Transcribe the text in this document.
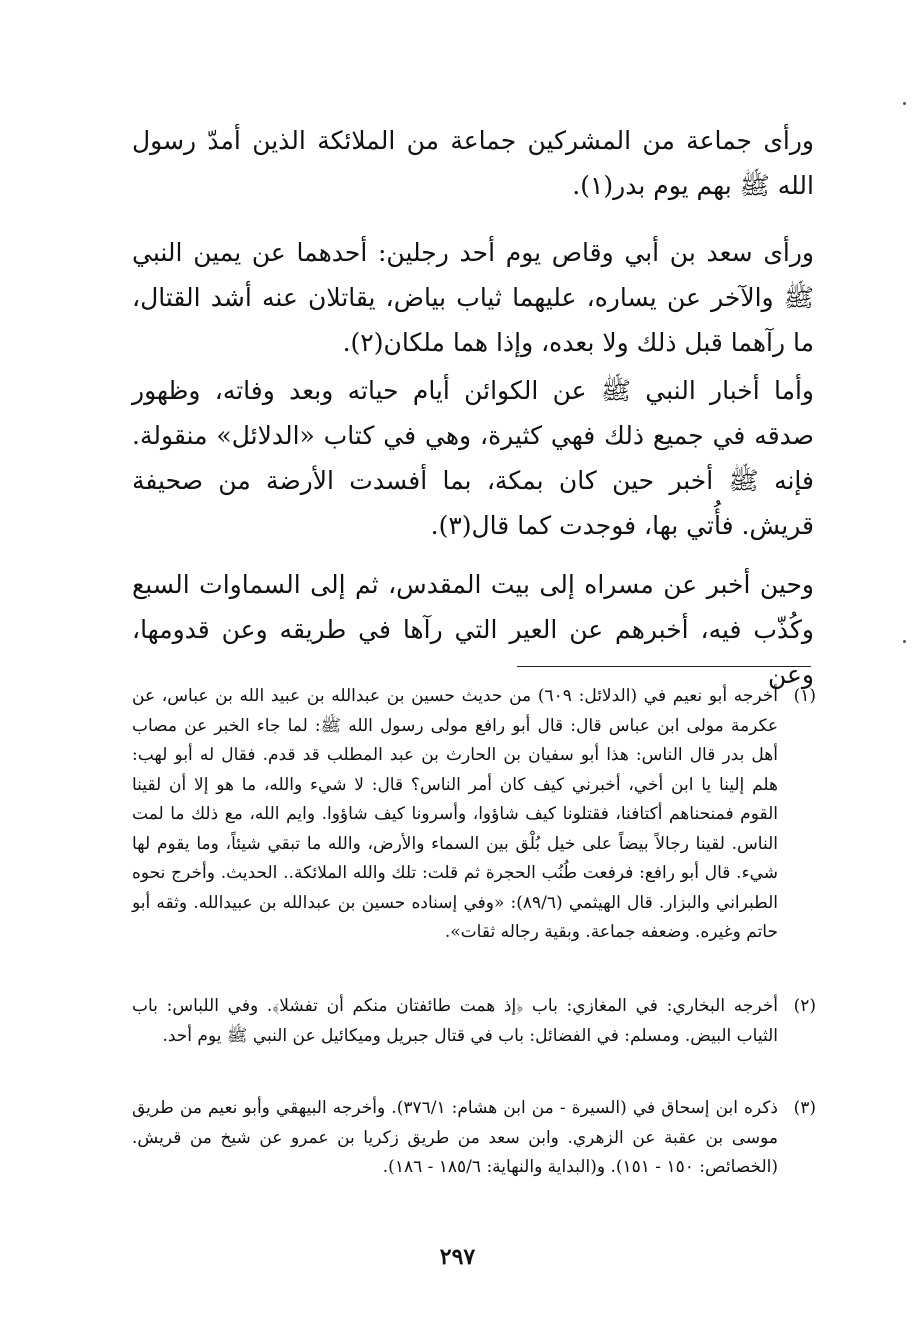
ورأى جماعة من المشركين جماعة من الملائكة الذين أمدّ رسول الله ﷺ بهم يوم بدر(١).

ورأى سعد بن أبي وقاص يوم أحد رجلين: أحدهما عن يمين النبي ﷺ والآخر عن يساره، عليهما ثياب بياض، يقاتلان عنه أشد القتال، ما رآهما قبل ذلك ولا بعده، وإذا هما ملكان(٢).

وأما أخبار النبي ﷺ عن الكوائن أيام حياته وبعد وفاته، وظهور صدقه في جميع ذلك فهي كثيرة، وهي في كتاب «الدلائل» منقولة. فإنه ﷺ أخبر حين كان بمكة، بما أفسدت الأرضة من صحيفة قريش. فأُتي بها، فوجدت كما قال(٣).

وحين أخبر عن مسراه إلى بيت المقدس، ثم إلى السماوات السبع وكُذّب فيه، أخبرهم عن العير التي رآها في طريقه وعن قدومها، وعن

(١)
أخرجه أبو نعيم في (الدلائل: ٦٠٩) من حديث حسين بن عبدالله بن عبيد الله بن عباس، عن عكرمة مولى ابن عباس قال: قال أبو رافع مولى رسول الله ﷺ: لما جاء الخبر عن مصاب أهل بدر قال الناس: هذا أبو سفيان بن الحارث بن عبد المطلب قد قدم. فقال له أبو لهب: هلم إلينا يا ابن أخي، أخبرني كيف كان أمر الناس؟ قال: لا شيء والله، ما هو إلا أن لقينا القوم فمنحناهم أكتافنا، فقتلونا كيف شاؤوا، وأسرونا كيف شاؤوا. وايم الله، مع ذلك ما لمت الناس. لقينا رجالاً بيضاً على خيل بُلْق بين السماء والأرض، والله ما تبقي شيئاً، وما يقوم لها شيء. قال أبو رافع: فرفعت طُنُب الحجرة ثم قلت: تلك والله الملائكة.. الحديث. وأخرج نحوه الطبراني والبزار. قال الهيثمي (٨٩/٦): «وفي إسناده حسين بن عبدالله بن عبيدالله. وثقه أبو حاتم وغيره. وضعفه جماعة. وبقية رجاله ثقات».
(٢)
أخرجه البخاري: في المغازي: باب ﴿إذ همت طائفتان منكم أن تفشلا﴾. وفي اللباس: باب الثياب البيض. ومسلم: في الفضائل: باب في قتال جبريل وميكائيل عن النبي ﷺ يوم أحد.
(٣)
ذكره ابن إسحاق في (السيرة - من ابن هشام: ٣٧٦/١). وأخرجه البيهقي وأبو نعيم من طريق موسى بن عقبة عن الزهري. وابن سعد من طريق زكريا بن عمرو عن شيخ من قريش. (الخصائص: ١٥٠ - ١٥١). و(البداية والنهاية: ١٨٥/٦ - ١٨٦).
٢٩٧
